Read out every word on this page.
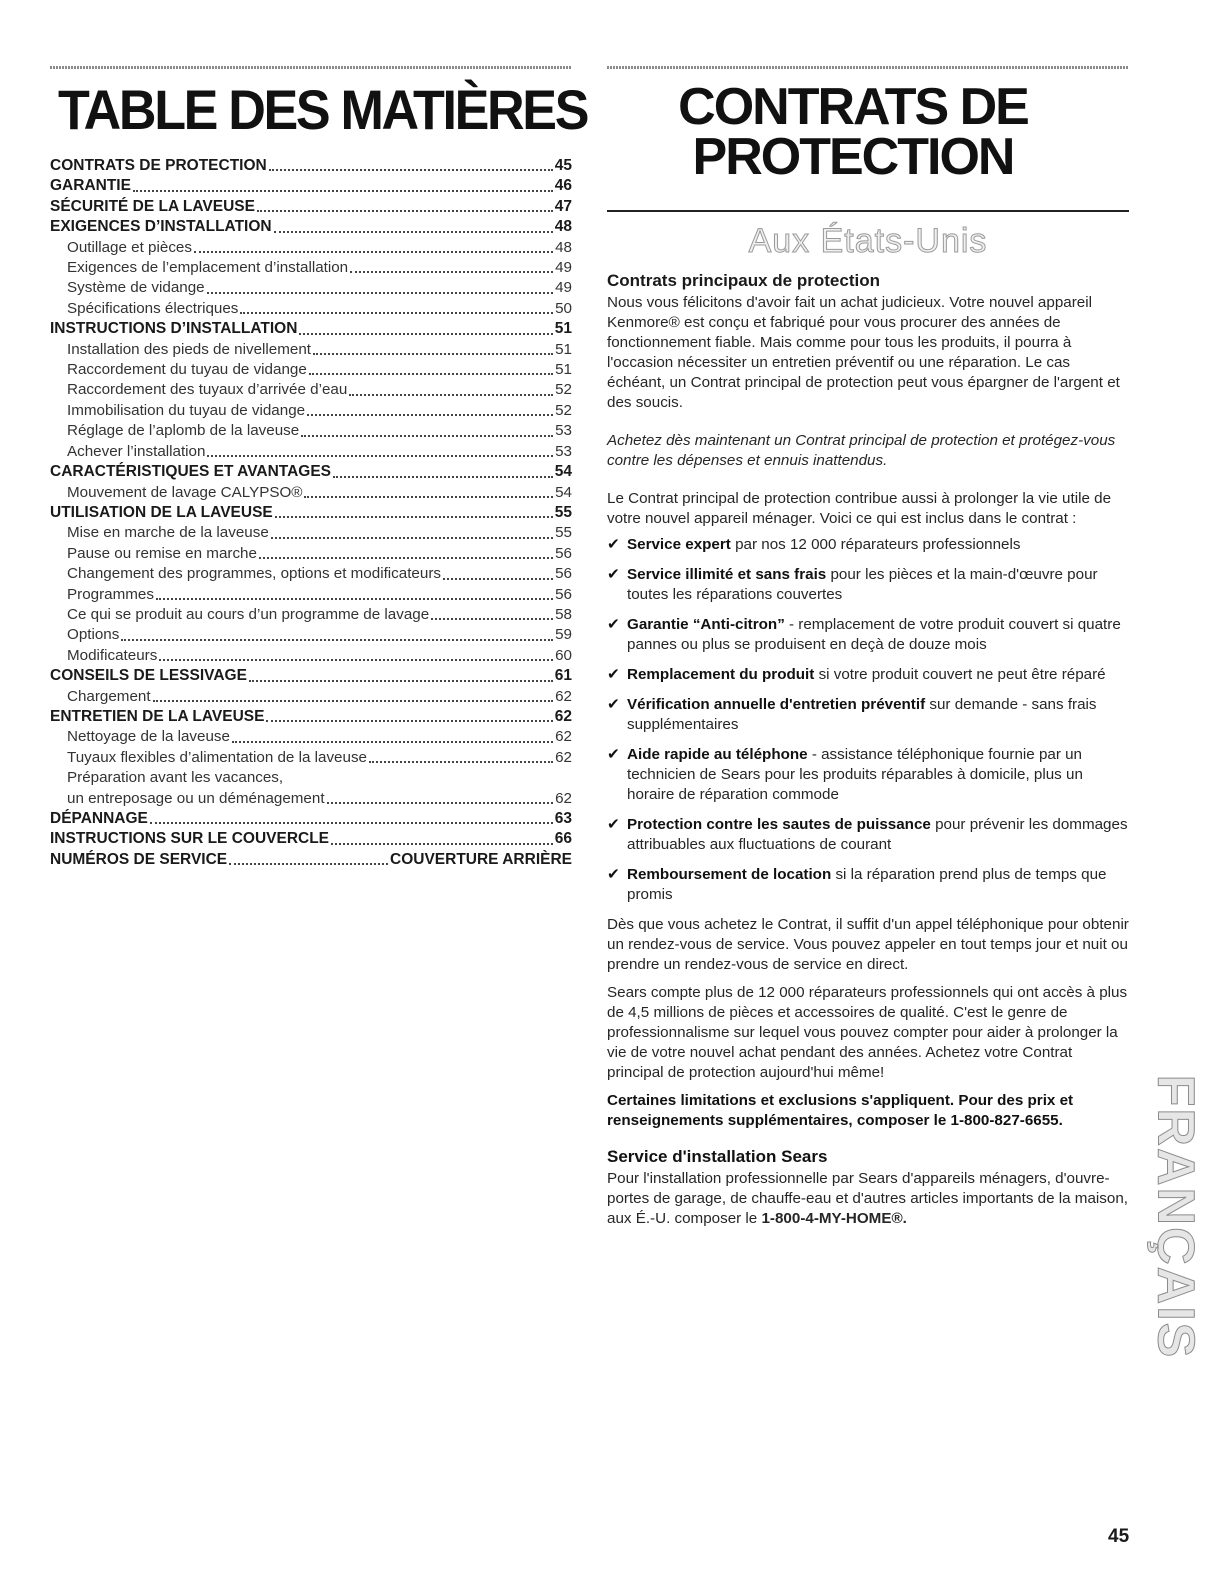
TABLE DES MATIÈRES
CONTRATS DE PROTECTION	45
GARANTIE	46
SÉCURITÉ DE LA LAVEUSE	47
EXIGENCES D’INSTALLATION	48
Outillage et pièces	48
Exigences de l’emplacement d’installation	49
Système de vidange	49
Spécifications électriques	50
INSTRUCTIONS D’INSTALLATION	51
Installation des pieds de nivellement	51
Raccordement du tuyau de vidange	51
Raccordement des tuyaux d’arrivée d’eau	52
Immobilisation du tuyau de vidange	52
Réglage de l’aplomb de la laveuse	53
Achever l’installation	53
CARACTÉRISTIQUES ET AVANTAGES	54
Mouvement de lavage CALYPSO®	54
UTILISATION DE LA LAVEUSE	55
Mise en marche de la laveuse	55
Pause ou remise en marche	56
Changement des programmes, options et modificateurs	56
Programmes	56
Ce qui se produit au cours d’un programme de lavage	58
Options	59
Modificateurs	60
CONSEILS DE LESSIVAGE	61
Chargement	62
ENTRETIEN DE LA LAVEUSE	62
Nettoyage de la laveuse	62
Tuyaux flexibles d’alimentation de la laveuse	62
Préparation avant les vacances,
un entreposage ou un déménagement	62
DÉPANNAGE	63
INSTRUCTIONS SUR LE COUVERCLE	66
NUMÉROS DE SERVICE	COUVERTURE ARRIÈRE
CONTRATS DE
PROTECTION
Aux États-Unis
Contrats principaux de protection

Nous vous félicitons d'avoir fait un achat judicieux. Votre nouvel appareil Kenmore® est conçu et fabriqué pour vous procurer des années de fonctionnement fiable. Mais comme pour tous les produits, il pourra à l'occasion nécessiter un entretien préventif ou une réparation. Le cas échéant, un Contrat principal de protection peut vous épargner de l'argent et des soucis.

Achetez dès maintenant un Contrat principal de protection et protégez-vous contre les dépenses et ennuis inattendus.

Le Contrat principal de protection contribue aussi à prolonger la vie utile de votre nouvel appareil ménager. Voici ce qui est inclus dans le contrat :

✔ Service expert par nos 12 000 réparateurs professionnels
✔ Service illimité et sans frais pour les pièces et la main-d'œuvre pour toutes les réparations couvertes
✔ Garantie “Anti-citron” - remplacement de votre produit couvert si quatre pannes ou plus se produisent en deçà de douze mois
✔ Remplacement du produit si votre produit couvert ne peut être réparé
✔ Vérification annuelle d'entretien préventif sur demande - sans frais supplémentaires
✔ Aide rapide au téléphone - assistance téléphonique fournie par un technicien de Sears pour les produits réparables à domicile, plus un horaire de réparation commode
✔ Protection contre les sautes de puissance pour prévenir les dommages attribuables aux fluctuations de courant
✔ Remboursement de location si la réparation prend plus de temps que promis

Dès que vous achetez le Contrat, il suffit d'un appel téléphonique pour obtenir un rendez-vous de service. Vous pouvez appeler en tout temps jour et nuit ou prendre un rendez-vous de service en direct.

Sears compte plus de 12 000 réparateurs professionnels qui ont accès à plus de 4,5 millions de pièces et accessoires de qualité. C'est le genre de professionnalisme sur lequel vous pouvez compter pour aider à prolonger la vie de votre nouvel achat pendant des années. Achetez votre Contrat principal de protection aujourd'hui même!

Certaines limitations et exclusions s'appliquent. Pour des prix et renseignements supplémentaires, composer le 1-800-827-6655.

Service d'installation Sears

Pour l'installation professionnelle par Sears d'appareils ménagers, d'ouvre-portes de garage, de chauffe-eau et d'autres articles importants de la maison, aux É.-U. composer le 1-800-4-MY-HOME®.	FRANÇAIS
45
